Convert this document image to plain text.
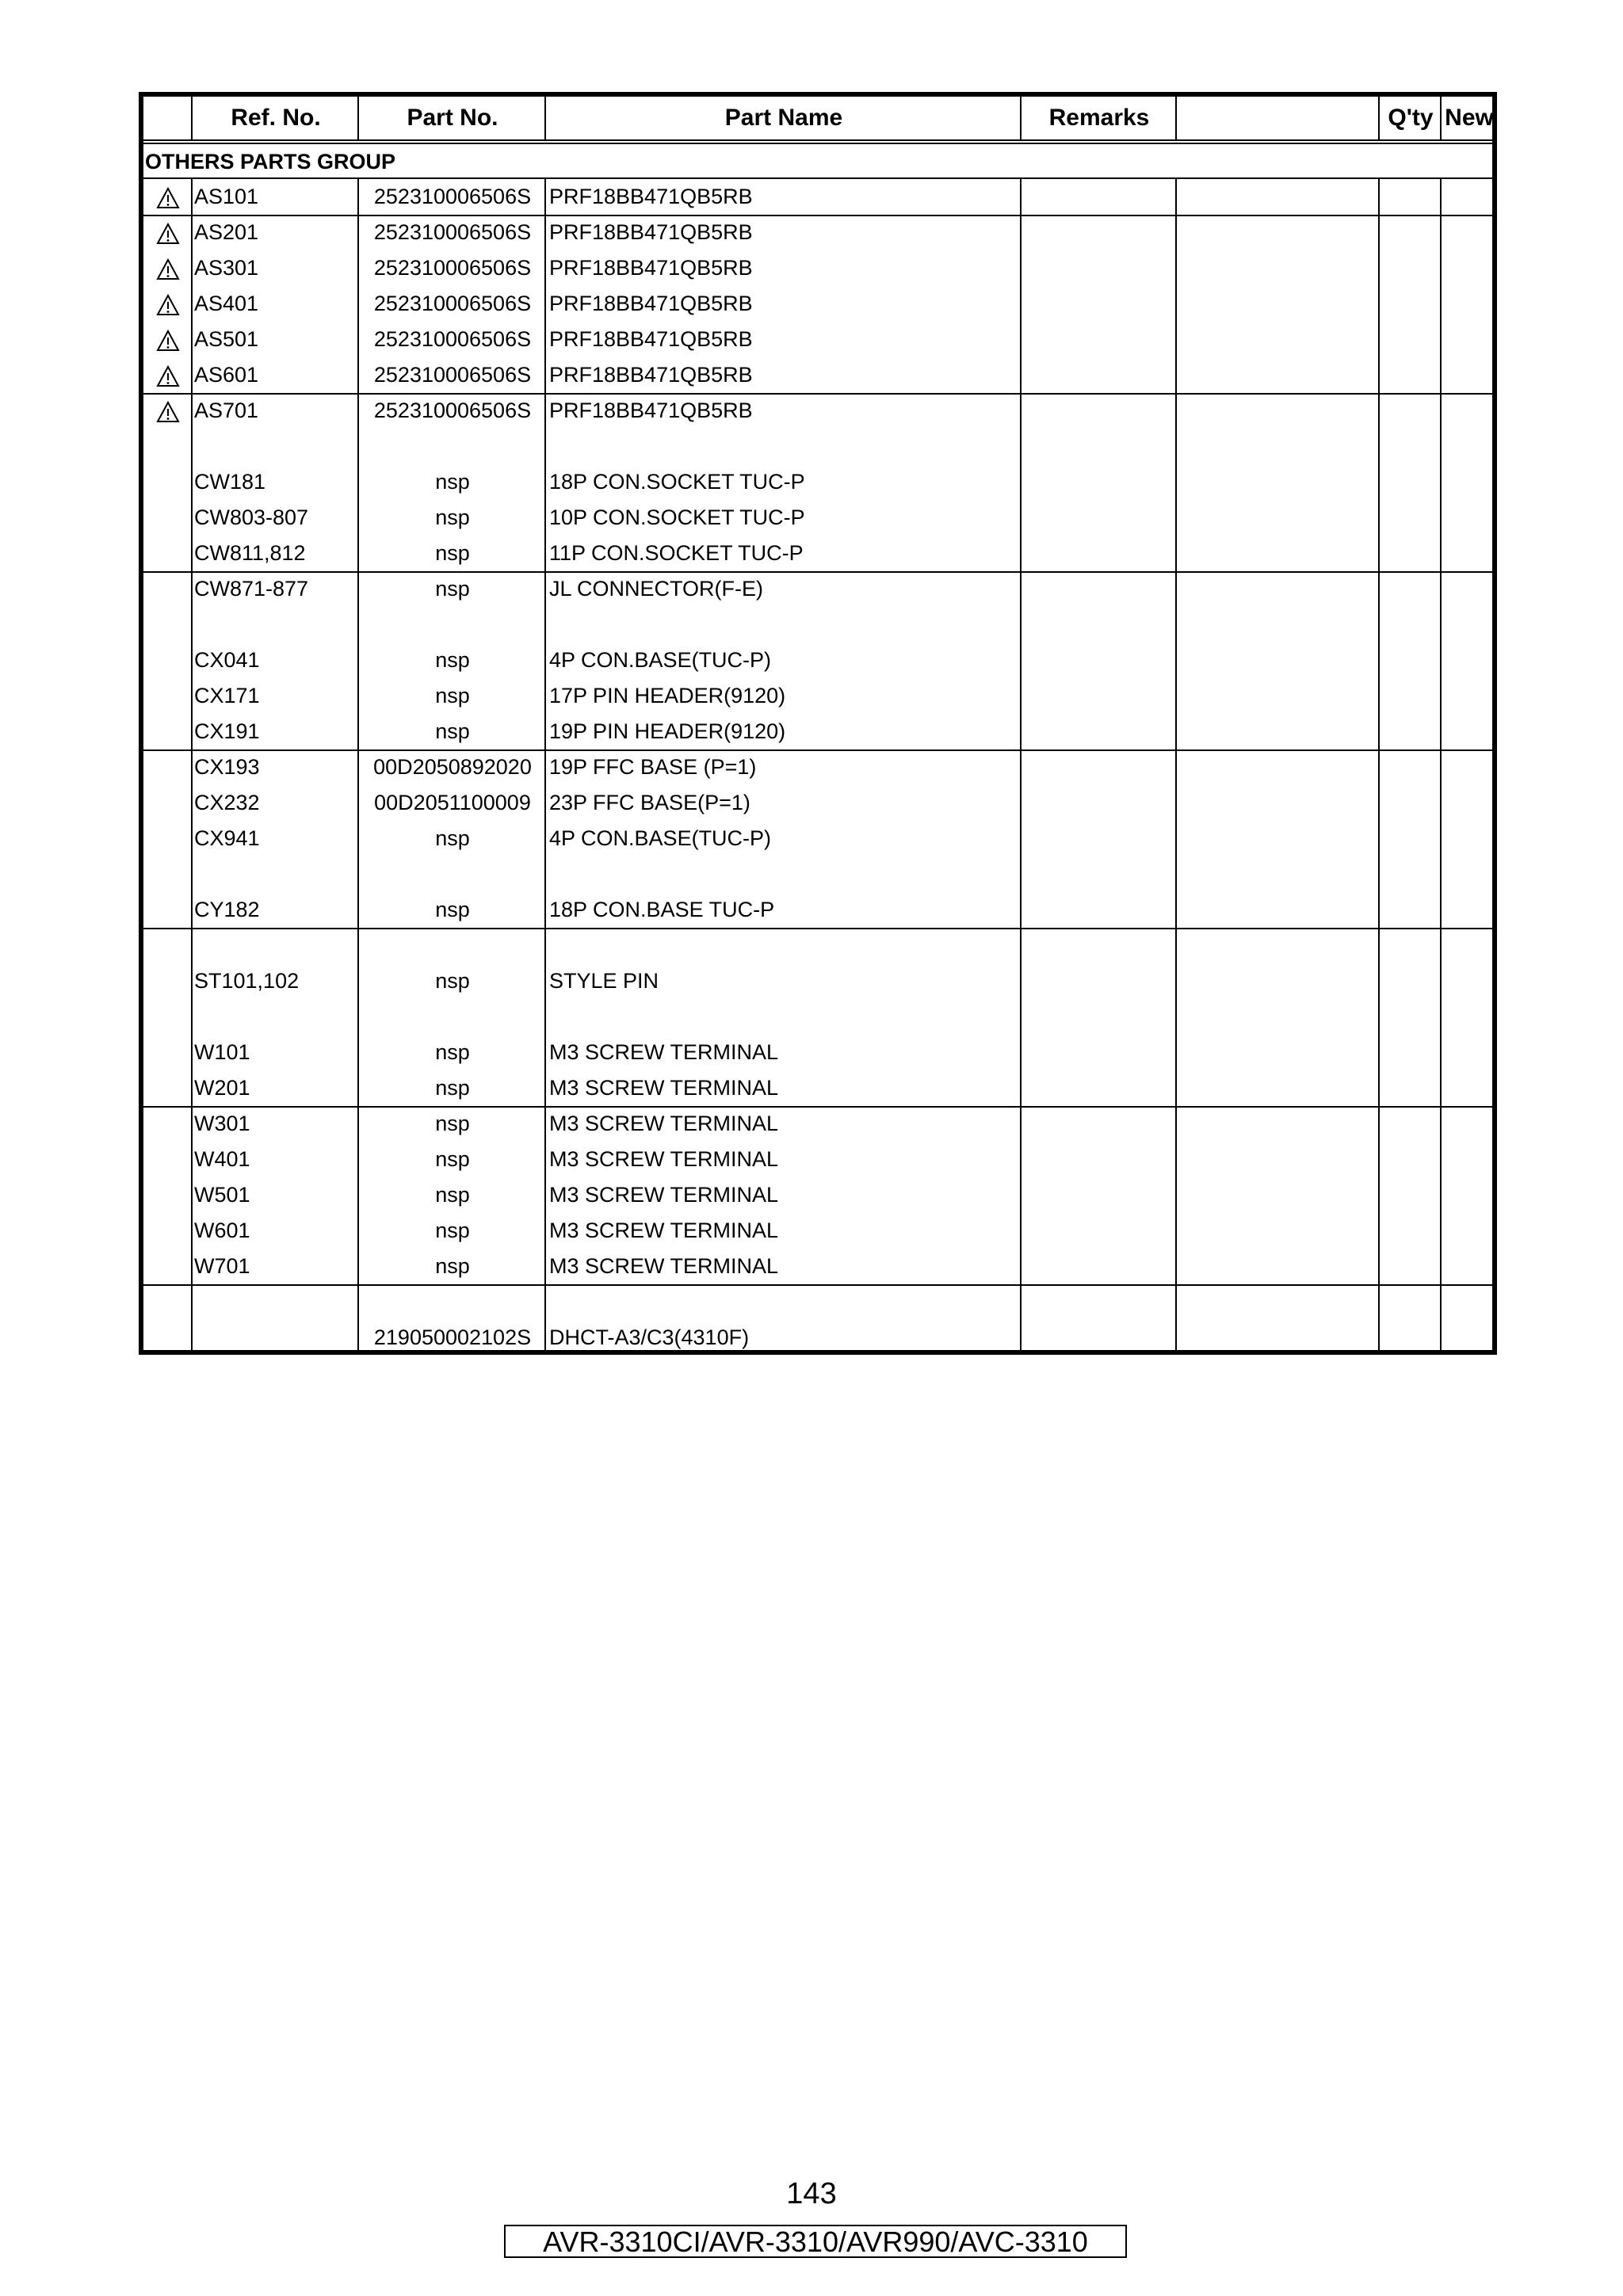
Ref. No.	Part No.	Part Name	Remarks	Q'ty New
OTHERS PARTS GROUP
AS101	252310006506S PRF18BB471QB5RB
AS201	252310006506S PRF18BB471QB5RB
AS301	252310006506S PRF18BB471QB5RB
AS401	252310006506S PRF18BB471QB5RB
AS501	252310006506S PRF18BB471QB5RB
AS601	252310006506S PRF18BB471QB5RB
AS701	252310006506S PRF18BB471QB5RB
CW181	nsp	18P CON.SOCKET TUC-P
CW803-807	nsp	10P CON.SOCKET TUC-P
CW811,812	nsp	11P CON.SOCKET TUC-P
CW871-877	nsp	JL CONNECTOR(F-E)
CX041	nsp	4P CON.BASE(TUC-P)
CX171	nsp	17P PIN HEADER(9120)
CX191	nsp	19P PIN HEADER(9120)
CX193	00D2050892020 19P FFC BASE (P=1)
CX232	00D2051100009 23P FFC BASE(P=1)
CX941	nsp	4P CON.BASE(TUC-P)
CY182	nsp	18P CON.BASE TUC-P
ST101,102	nsp	STYLE PIN
W101	nsp	M3 SCREW TERMINAL
W201	nsp	M3 SCREW TERMINAL
W301	nsp	M3 SCREW TERMINAL
W401	nsp	M3 SCREW TERMINAL
W501	nsp	M3 SCREW TERMINAL
W601	nsp	M3 SCREW TERMINAL
W701	nsp	M3 SCREW TERMINAL
219050002102S DHCT-A3/C3(4310F)
143
AVR-3310CI/AVR-3310/AVR990/AVC-3310
